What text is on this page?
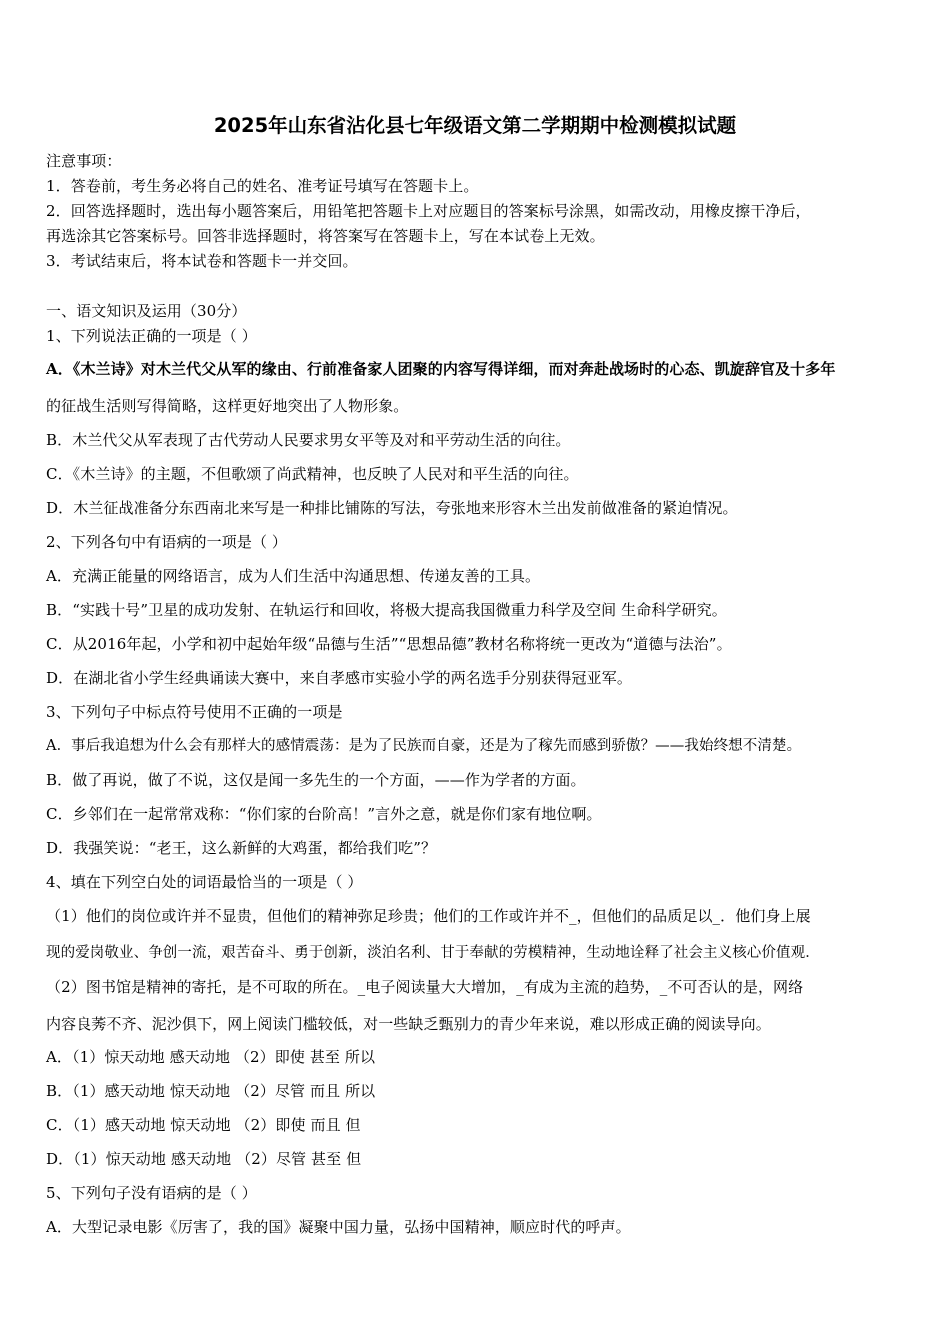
2025年山东省沾化县七年级语文第二学期期中检测模拟试题
注意事项：
1．答卷前，考生务必将自己的姓名、准考证号填写在答题卡上。
2．回答选择题时，选出每小题答案后，用铅笔把答题卡上对应题目的答案标号涂黑，如需改动，用橡皮擦干净后，
再选涂其它答案标号。回答非选择题时，将答案写在答题卡上，写在本试卷上无效。
3．考试结束后，将本试卷和答题卡一并交回。
一、语文知识及运用（30分）
1、下列说法正确的一项是（ ）
A．《木兰诗》对木兰代父从军的缘由、行前准备家人团聚的内容写得详细，而对奔赴战场时的心态、凯旋辞官及十多年
的征战生活则写得简略，这样更好地突出了人物形象。
B．木兰代父从军表现了古代劳动人民要求男女平等及对和平劳动生活的向往。
C．《木兰诗》的主题，不但歌颂了尚武精神，也反映了人民对和平生活的向往。
D．木兰征战准备分东西南北来写是一种排比铺陈的写法，夸张地来形容木兰出发前做准备的紧迫情况。
2、下列各句中有语病的一项是（ ）
A．充满正能量的网络语言，成为人们生活中沟通思想、传递友善的工具。
B．“实践十号”卫星的成功发射、在轨运行和回收，将极大提高我国微重力科学及空间 生命科学研究。
C．从2016年起，小学和初中起始年级“品德与生活”“思想品德”教材名称将统一更改为“道德与法治”。
D．在湖北省小学生经典诵读大赛中，来自孝感市实验小学的两名选手分别获得冠亚军。
3、下列句子中标点符号使用不正确的一项是
A．事后我追想为什么会有那样大的感情震荡：是为了民族而自豪，还是为了稼先而感到骄傲？——我始终想不清楚。
B．做了再说，做了不说，这仅是闻一多先生的一个方面，——作为学者的方面。
C．乡邻们在一起常常戏称：“你们家的台阶高！”言外之意，就是你们家有地位啊。
D．我强笑说：“老王，这么新鲜的大鸡蛋，都给我们吃”？
4、填在下列空白处的词语最恰当的一项是（ ）
（1）他们的岗位或许并不显贵，但他们的精神弥足珍贵；他们的工作或许并不_，但他们的品质足以_．他们身上展
现的爱岗敬业、争创一流，艰苦奋斗、勇于创新，淡泊名利、甘于奉献的劳模精神，生动地诠释了社会主义核心价值观．
（2）图书馆是精神的寄托，是不可取的所在。_电子阅读量大大增加，_有成为主流的趋势，_不可否认的是，网络
内容良莠不齐、泥沙俱下，网上阅读门槛较低，对一些缺乏甄别力的青少年来说，难以形成正确的阅读导向。
A．（1）惊天动地 感天动地 （2）即使 甚至 所以
B．（1）感天动地 惊天动地 （2）尽管 而且 所以
C．（1）感天动地 惊天动地 （2）即使 而且 但
D．（1）惊天动地 感天动地 （2）尽管 甚至 但
5、下列句子没有语病的是（ ）
A．大型记录电影《厉害了，我的国》凝聚中国力量，弘扬中国精神，顺应时代的呼声。
